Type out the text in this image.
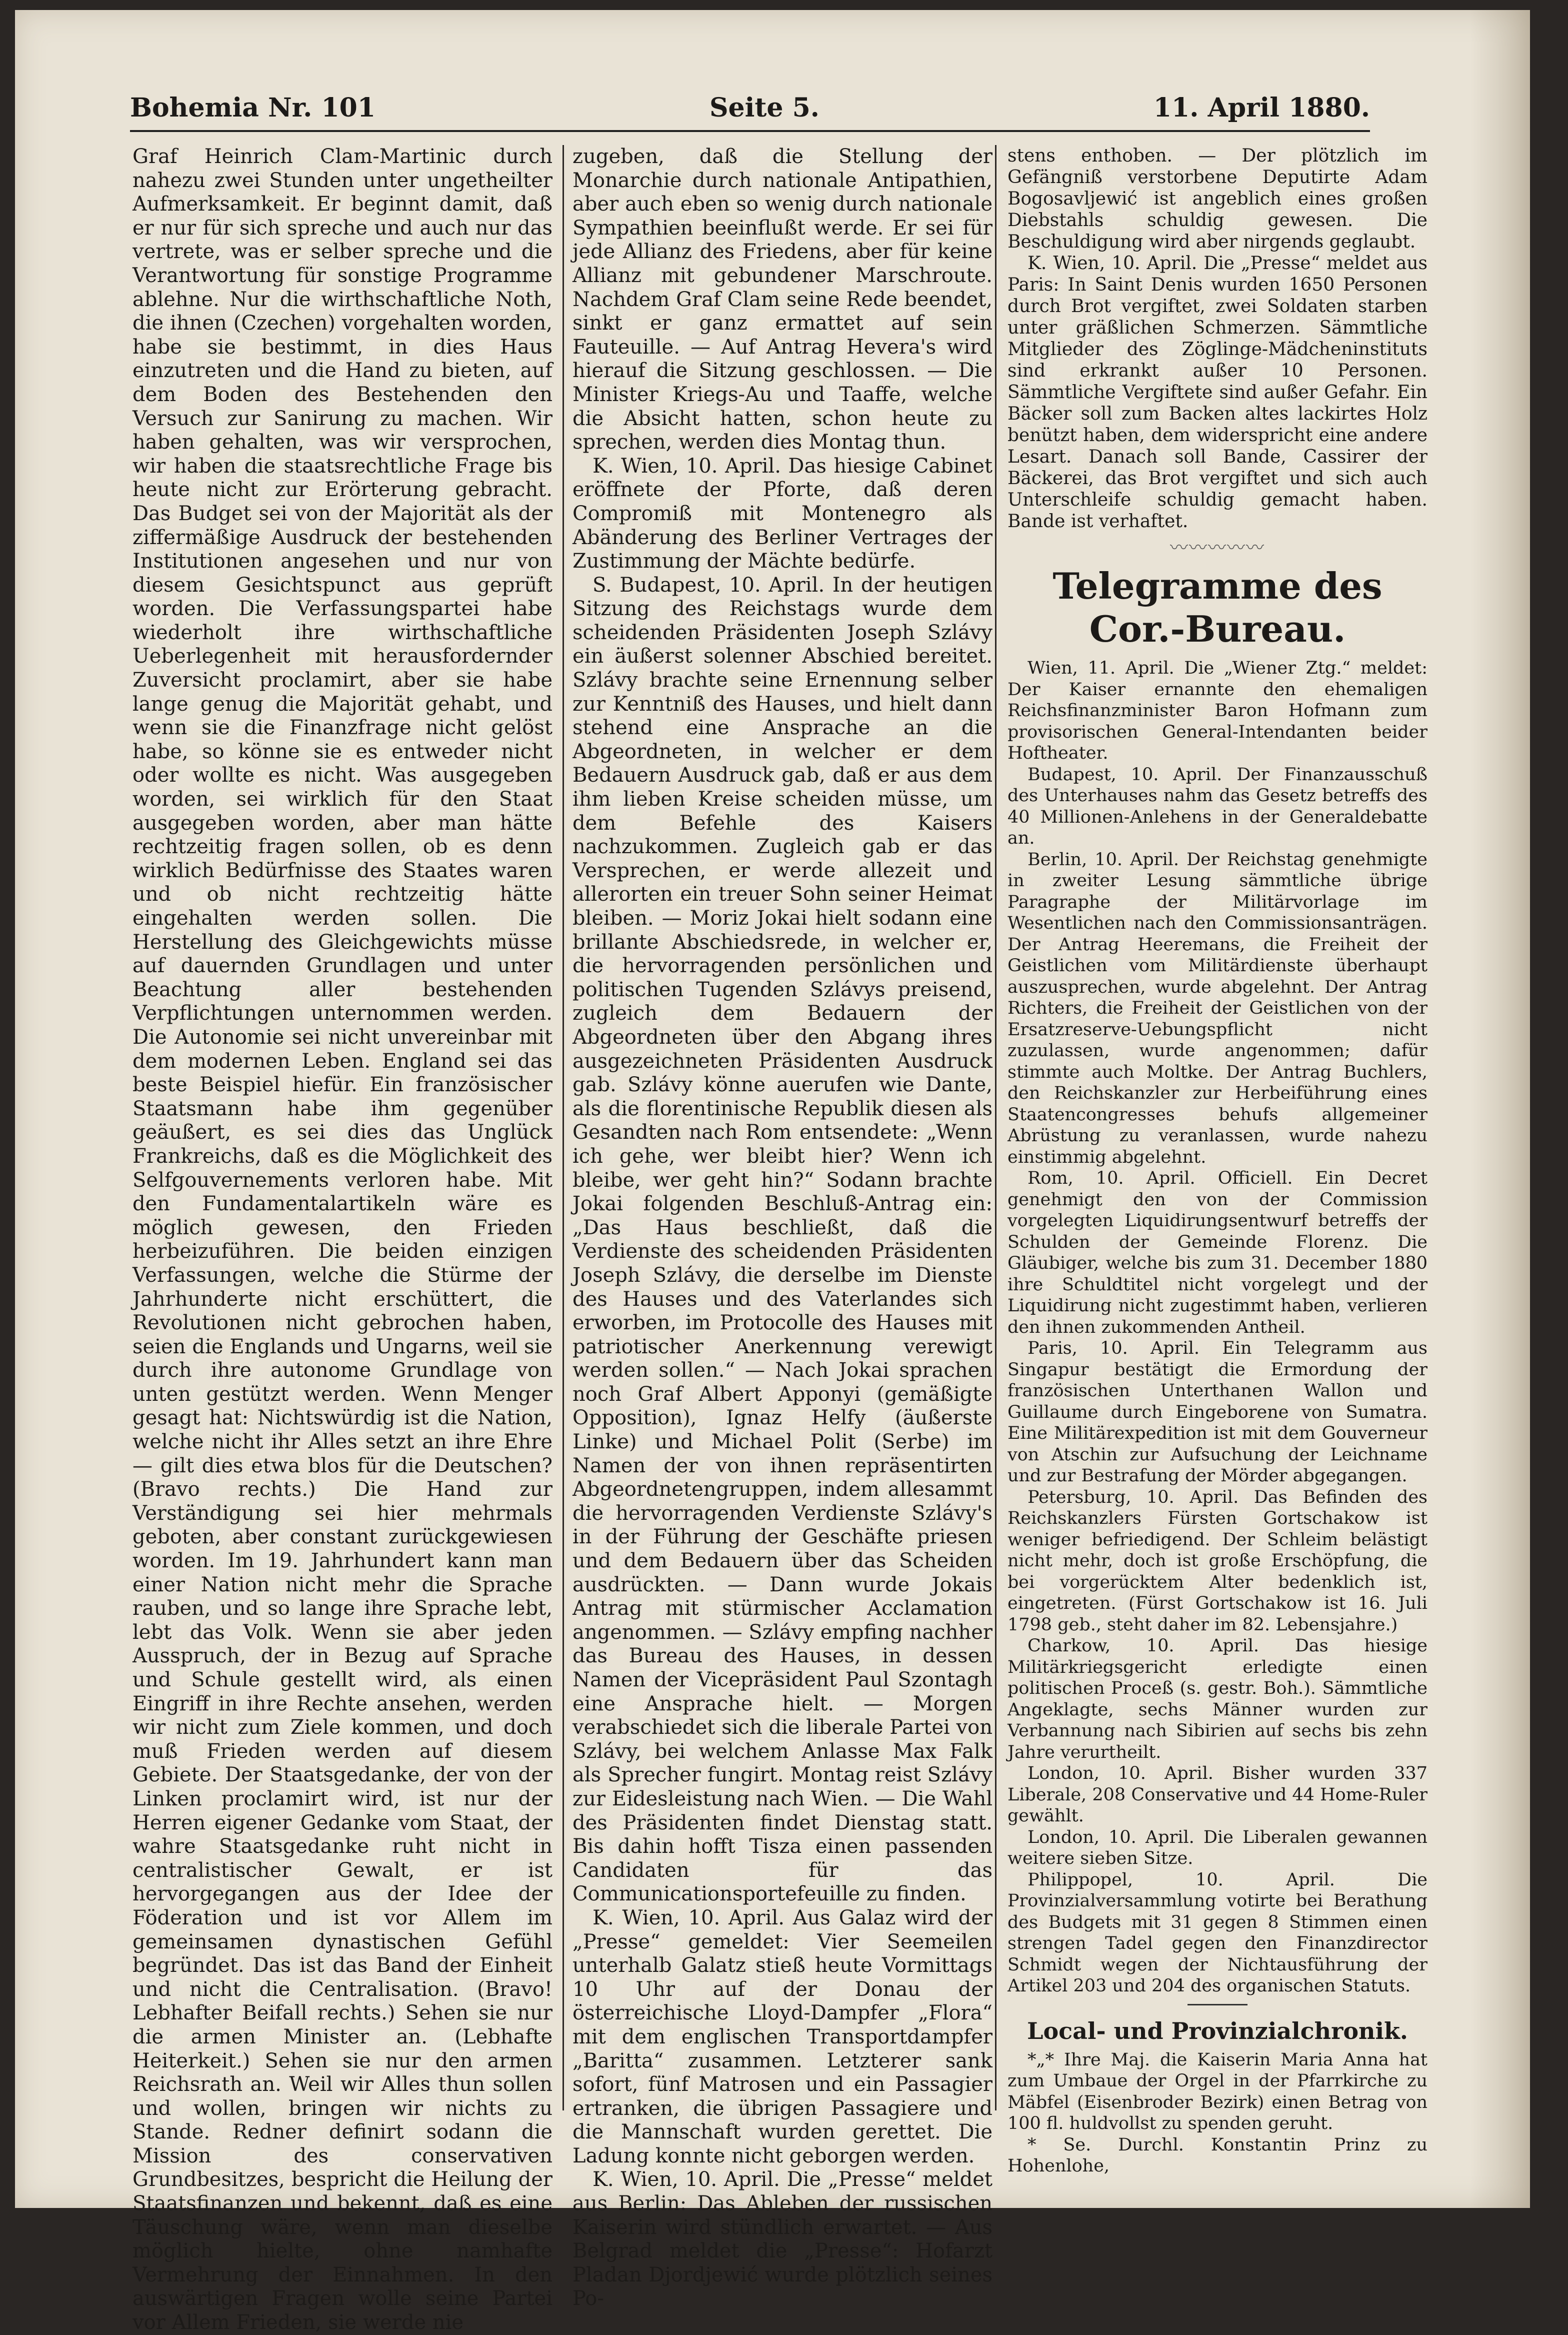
Bohemia Nr. 101	Seite 5.	11. April 1880.

Graf Heinrich Clam-Martinic durch nahezu zwei Stunden unter ungetheilter Aufmerksamkeit. Er beginnt damit, daß er nur für sich spreche und auch nur das vertrete, was er selber spreche und die Verantwortung für sonstige Programme ablehne. Nur die wirthschaftliche Noth, die ihnen (Czechen) vorgehalten worden, habe sie bestimmt, in dies Haus einzutreten und die Hand zu bieten, auf dem Boden des Bestehenden den Versuch zur Sanirung zu machen. Wir haben gehalten, was wir versprochen, wir haben die staatsrechtliche Frage bis heute nicht zur Erörterung gebracht. Das Budget sei von der Majorität als der ziffermäßige Ausdruck der bestehenden Institutionen angesehen und nur von diesem Gesichtspunct aus geprüft worden. Die Verfassungspartei habe wiederholt ihre wirthschaftliche Ueberlegenheit mit herausfordernder Zuversicht proclamirt, aber sie habe lange genug die Majorität gehabt, und wenn sie die Finanzfrage nicht gelöst habe, so könne sie es entweder nicht oder wollte es nicht. Was ausgegeben worden, sei wirklich für den Staat ausgegeben worden, aber man hätte rechtzeitig fragen sollen, ob es denn wirklich Bedürfnisse des Staates waren und ob nicht rechtzeitig hätte eingehalten werden sollen. Die Herstellung des Gleichgewichts müsse auf dauernden Grundlagen und unter Beachtung aller bestehenden Verpflichtungen unternommen werden. Die Autonomie sei nicht unvereinbar mit dem modernen Leben. England sei das beste Beispiel hiefür. Ein französischer Staatsmann habe ihm gegenüber geäußert, es sei dies das Unglück Frankreichs, daß es die Möglichkeit des Selfgouvernements verloren habe. Mit den Fundamentalartikeln wäre es möglich gewesen, den Frieden herbeizuführen. Die beiden einzigen Verfassungen, welche die Stürme der Jahrhunderte nicht erschüttert, die Revolutionen nicht gebrochen haben, seien die Englands und Ungarns, weil sie durch ihre autonome Grundlage von unten gestützt werden. Wenn Menger gesagt hat: Nichtswürdig ist die Nation, welche nicht ihr Alles setzt an ihre Ehre — gilt dies etwa blos für die Deutschen? (Bravo rechts.) Die Hand zur Verständigung sei hier mehrmals geboten, aber constant zurückgewiesen worden. Im 19. Jahrhundert kann man einer Nation nicht mehr die Sprache rauben, und so lange ihre Sprache lebt, lebt das Volk. Wenn sie aber jeden Ausspruch, der in Bezug auf Sprache und Schule gestellt wird, als einen Eingriff in ihre Rechte ansehen, werden wir nicht zum Ziele kommen, und doch muß Frieden werden auf diesem Gebiete. Der Staatsgedanke, der von der Linken proclamirt wird, ist nur der Herren eigener Gedanke vom Staat, der wahre Staatsgedanke ruht nicht in centralistischer Gewalt, er ist hervorgegangen aus der Idee der Föderation und ist vor Allem im gemeinsamen dynastischen Gefühl begründet. Das ist das Band der Einheit und nicht die Centralisation. (Bravo! Lebhafter Beifall rechts.) Sehen sie nur die armen Minister an. (Lebhafte Heiterkeit.) Sehen sie nur den armen Reichsrath an. Weil wir Alles thun sollen und wollen, bringen wir nichts zu Stande. Redner definirt sodann die Mission des conservativen Grundbesitzes, bespricht die Heilung der Staatsfinanzen und bekennt, daß es eine Täuschung wäre, wenn man dieselbe möglich hielte, ohne namhafte Vermehrung der Einnahmen. In den auswärtigen Fragen wolle seine Partei vor Allem Frieden, sie werde nie

zugeben, daß die Stellung der Monarchie durch nationale Antipathien, aber auch eben so wenig durch nationale Sympathien beeinflußt werde. Er sei für jede Allianz des Friedens, aber für keine Allianz mit gebundener Marschroute. Nachdem Graf Clam seine Rede beendet, sinkt er ganz ermattet auf sein Fauteuille. — Auf Antrag Hevera's wird hierauf die Sitzung geschlossen. — Die Minister Kriegs-Au und Taaffe, welche die Absicht hatten, schon heute zu sprechen, werden dies Montag thun.

K. Wien, 10. April. Das hiesige Cabinet eröffnete der Pforte, daß deren Compromiß mit Montenegro als Abänderung des Berliner Vertrages der Zustimmung der Mächte bedürfe.

S. Budapest, 10. April. In der heutigen Sitzung des Reichstags wurde dem scheidenden Präsidenten Joseph Szlávy ein äußerst solenner Abschied bereitet. Szlávy brachte seine Ernennung selber zur Kenntniß des Hauses, und hielt dann stehend eine Ansprache an die Abgeordneten, in welcher er dem Bedauern Ausdruck gab, daß er aus dem ihm lieben Kreise scheiden müsse, um dem Befehle des Kaisers nachzukommen. Zugleich gab er das Versprechen, er werde allezeit und allerorten ein treuer Sohn seiner Heimat bleiben. — Moriz Jokai hielt sodann eine brillante Abschiedsrede, in welcher er, die hervorragenden persönlichen und politischen Tugenden Szlávys preisend, zugleich dem Bedauern der Abgeordneten über den Abgang ihres ausgezeichneten Präsidenten Ausdruck gab. Szlávy könne auerufen wie Dante, als die florentinische Republik diesen als Gesandten nach Rom entsendete: „Wenn ich gehe, wer bleibt hier? Wenn ich bleibe, wer geht hin?“ Sodann brachte Jokai folgenden Beschluß-Antrag ein: „Das Haus beschließt, daß die Verdienste des scheidenden Präsidenten Joseph Szlávy, die derselbe im Dienste des Hauses und des Vaterlandes sich erworben, im Protocolle des Hauses mit patriotischer Anerkennung verewigt werden sollen.“ — Nach Jokai sprachen noch Graf Albert Apponyi (gemäßigte Opposition), Ignaz Helfy (äußerste Linke) und Michael Polit (Serbe) im Namen der von ihnen repräsentirten Abgeordnetengruppen, indem allesammt die hervorragenden Verdienste Szlávy's in der Führung der Geschäfte priesen und dem Bedauern über das Scheiden ausdrückten. — Dann wurde Jokais Antrag mit stürmischer Acclamation angenommen. — Szlávy empfing nachher das Bureau des Hauses, in dessen Namen der Vicepräsident Paul Szontagh eine Ansprache hielt. — Morgen verabschiedet sich die liberale Partei von Szlávy, bei welchem Anlasse Max Falk als Sprecher fungirt. Montag reist Szlávy zur Eidesleistung nach Wien. — Die Wahl des Präsidenten findet Dienstag statt. Bis dahin hofft Tisza einen passenden Candidaten für das Communicationsportefeuille zu finden.

K. Wien, 10. April. Aus Galaz wird der „Presse“ gemeldet: Vier Seemeilen unterhalb Galatz stieß heute Vormittags 10 Uhr auf der Donau der österreichische Lloyd-Dampfer „Flora“ mit dem englischen Transportdampfer „Baritta“ zusammen. Letzterer sank sofort, fünf Matrosen und ein Passagier ertranken, die übrigen Passagiere und die Mannschaft wurden gerettet. Die Ladung konnte nicht geborgen werden.

K. Wien, 10. April. Die „Presse“ meldet aus Berlin: Das Ableben der russischen Kaiserin wird stündlich erwartet. — Aus Belgrad meldet die „Presse“: Hofarzt Pladan Djordjewić wurde plötzlich seines Po-

stens enthoben. — Der plötzlich im Gefängniß verstorbene Deputirte Adam Bogosavljewić ist angeblich eines großen Diebstahls schuldig gewesen. Die Beschuldigung wird aber nirgends geglaubt.

K. Wien, 10. April. Die „Presse“ meldet aus Paris: In Saint Denis wurden 1650 Personen durch Brot vergiftet, zwei Soldaten starben unter gräßlichen Schmerzen. Sämmtliche Mitglieder des Zöglinge-Mädcheninstituts sind erkrankt außer 10 Personen. Sämmtliche Vergiftete sind außer Gefahr. Ein Bäcker soll zum Backen altes lackirtes Holz benützt haben, dem widerspricht eine andere Lesart. Danach soll Bande, Cassirer der Bäckerei, das Brot vergiftet und sich auch Unterschleife schuldig gemacht haben. Bande ist verhaftet.

〰〰〰〰〰
Telegramme des Cor.-Bureau.

Wien, 11. April. Die „Wiener Ztg.“ meldet: Der Kaiser ernannte den ehemaligen Reichsfinanzminister Baron Hofmann zum provisorischen General-Intendanten beider Hoftheater.

Budapest, 10. April. Der Finanzausschuß des Unterhauses nahm das Gesetz betreffs des 40 Millionen-Anlehens in der Generaldebatte an.

Berlin, 10. April. Der Reichstag genehmigte in zweiter Lesung sämmtliche übrige Paragraphe der Militärvorlage im Wesentlichen nach den Commissionsanträgen. Der Antrag Heeremans, die Freiheit der Geistlichen vom Militärdienste überhaupt auszusprechen, wurde abgelehnt. Der Antrag Richters, die Freiheit der Geistlichen von der Ersatzreserve-Uebungspflicht nicht zuzulassen, wurde angenommen; dafür stimmte auch Moltke. Der Antrag Buchlers, den Reichskanzler zur Herbeiführung eines Staatencongresses behufs allgemeiner Abrüstung zu veranlassen, wurde nahezu einstimmig abgelehnt.

Rom, 10. April. Officiell. Ein Decret genehmigt den von der Commission vorgelegten Liquidirungsentwurf betreffs der Schulden der Gemeinde Florenz. Die Gläubiger, welche bis zum 31. December 1880 ihre Schuldtitel nicht vorgelegt und der Liquidirung nicht zugestimmt haben, verlieren den ihnen zukommenden Antheil.

Paris, 10. April. Ein Telegramm aus Singapur bestätigt die Ermordung der französischen Unterthanen Wallon und Guillaume durch Eingeborene von Sumatra. Eine Militärexpedition ist mit dem Gouverneur von Atschin zur Aufsuchung der Leichname und zur Bestrafung der Mörder abgegangen.

Petersburg, 10. April. Das Befinden des Reichskanzlers Fürsten Gortschakow ist weniger befriedigend. Der Schleim belästigt nicht mehr, doch ist große Erschöpfung, die bei vorgerücktem Alter bedenklich ist, eingetreten. (Fürst Gortschakow ist 16. Juli 1798 geb., steht daher im 82. Lebensjahre.)

Charkow, 10. April. Das hiesige Militärkriegsgericht erledigte einen politischen Proceß (s. gestr. Boh.). Sämmtliche Angeklagte, sechs Männer wurden zur Verbannung nach Sibirien auf sechs bis zehn Jahre verurtheilt.

London, 10. April. Bisher wurden 337 Liberale, 208 Conservative und 44 Home-Ruler gewählt.

London, 10. April. Die Liberalen gewannen weitere sieben Sitze.

Philippopel, 10. April. Die Provinzialversammlung votirte bei Berathung des Budgets mit 31 gegen 8 Stimmen einen strengen Tadel gegen den Finanzdirector Schmidt wegen der Nichtausführung der Artikel 203 und 204 des organischen Statuts.

Local- und Provinzialchronik.

*„* Ihre Maj. die Kaiserin Maria Anna hat zum Umbaue der Orgel in der Pfarrkirche zu Mäbfel (Eisenbroder Bezirk) einen Betrag von 100 fl. huldvollst zu spenden geruht.

* Se. Durchl. Konstantin Prinz zu Hohenlohe,
